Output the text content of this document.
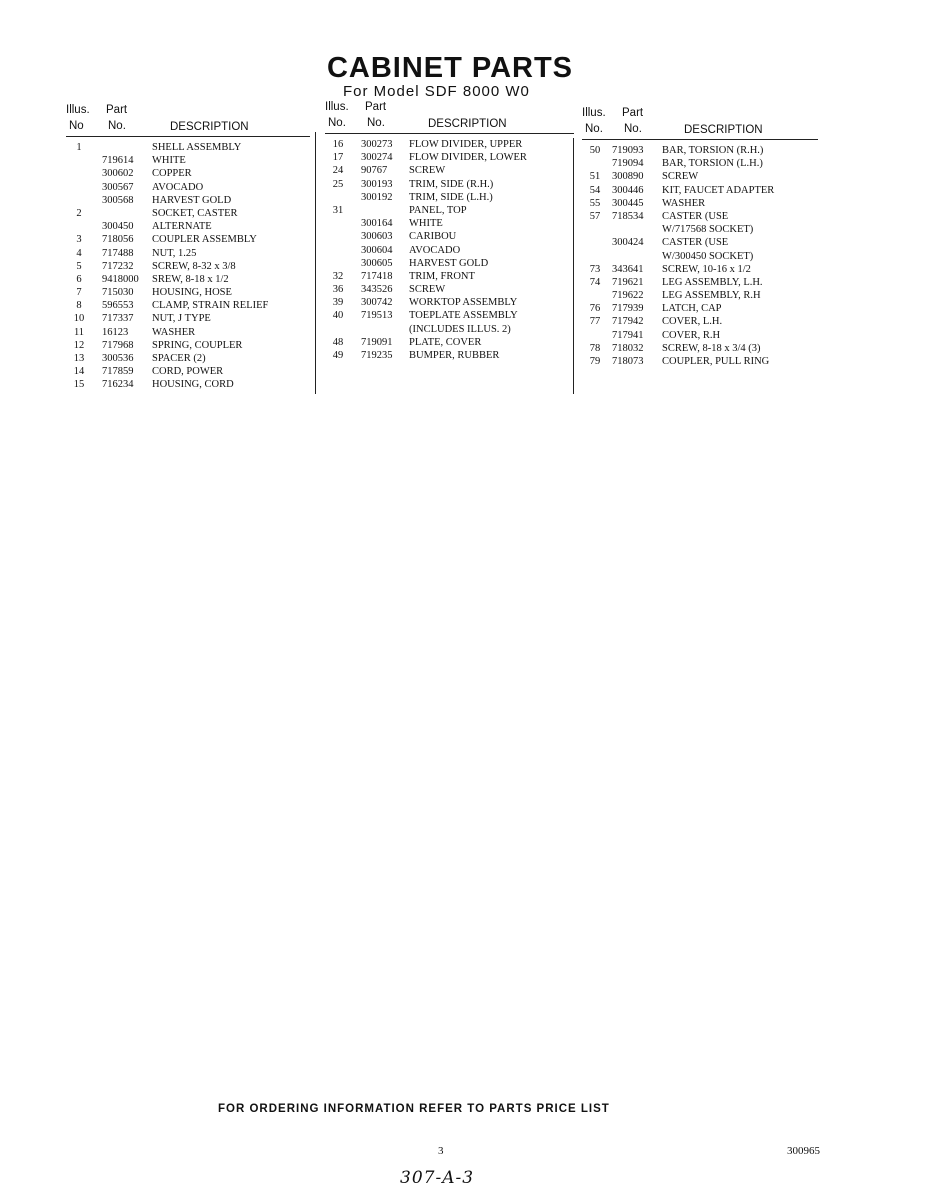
CABINET PARTS
For Model SDF 8000 W0
Illus. Part
No No.	DESCRIPTION
1	SHELL ASSEMBLY
719614 WHITE
300602 COPPER
300567 AVOCADO
300568 HARVEST GOLD
2	SOCKET, CASTER
300450 ALTERNATE
3	718056 COUPLER ASSEMBLY
4	717488 NUT, 1.25
5	717232 SCREW, 8-32 x 3/8
6	9418000 SREW, 8-18 x 1/2
7	715030 HOUSING, HOSE
8	596553 CLAMP, STRAIN RELIEF
10	717337 NUT, J TYPE
11	16123 WASHER
12	717968 SPRING, COUPLER
13	300536 SPACER (2)
14	717859 CORD, POWER
15	716234 HOUSING, CORD
Illus. Part
No. No.	DESCRIPTION
16	300273 FLOW DIVIDER, UPPER
17	300274 FLOW DIVIDER, LOWER
24	90767 SCREW
25	300193 TRIM, SIDE (R.H.)
300192 TRIM, SIDE (L.H.)
31	PANEL, TOP
300164 WHITE
300603 CARIBOU
300604 AVOCADO
300605 HARVEST GOLD
32	717418 TRIM, FRONT
36	343526 SCREW
39	300742 WORKTOP ASSEMBLY
40	719513 TOEPLATE ASSEMBLY
(INCLUDES ILLUS. 2)
48	719091 PLATE, COVER
49	719235 BUMPER, RUBBER
Illus. Part
No. No.	DESCRIPTION
50	719093 BAR, TORSION (R.H.)
719094 BAR, TORSION (L.H.)
51	300890 SCREW
54	300446 KIT, FAUCET ADAPTER
55	300445 WASHER
57	718534 CASTER (USE
W/717568 SOCKET)
300424 CASTER (USE
W/300450 SOCKET)
73	343641 SCREW, 10-16 x 1/2
74	719621 LEG ASSEMBLY, L.H.
719622 LEG ASSEMBLY, R.H
76	717939 LATCH, CAP
77	717942 COVER, L.H.
717941 COVER, R.H
78	718032 SCREW, 8-18 x 3/4 (3)
79	718073 COUPLER, PULL RING
FOR ORDERING INFORMATION REFER TO PARTS PRICE LIST
3	300965
307-A-3
